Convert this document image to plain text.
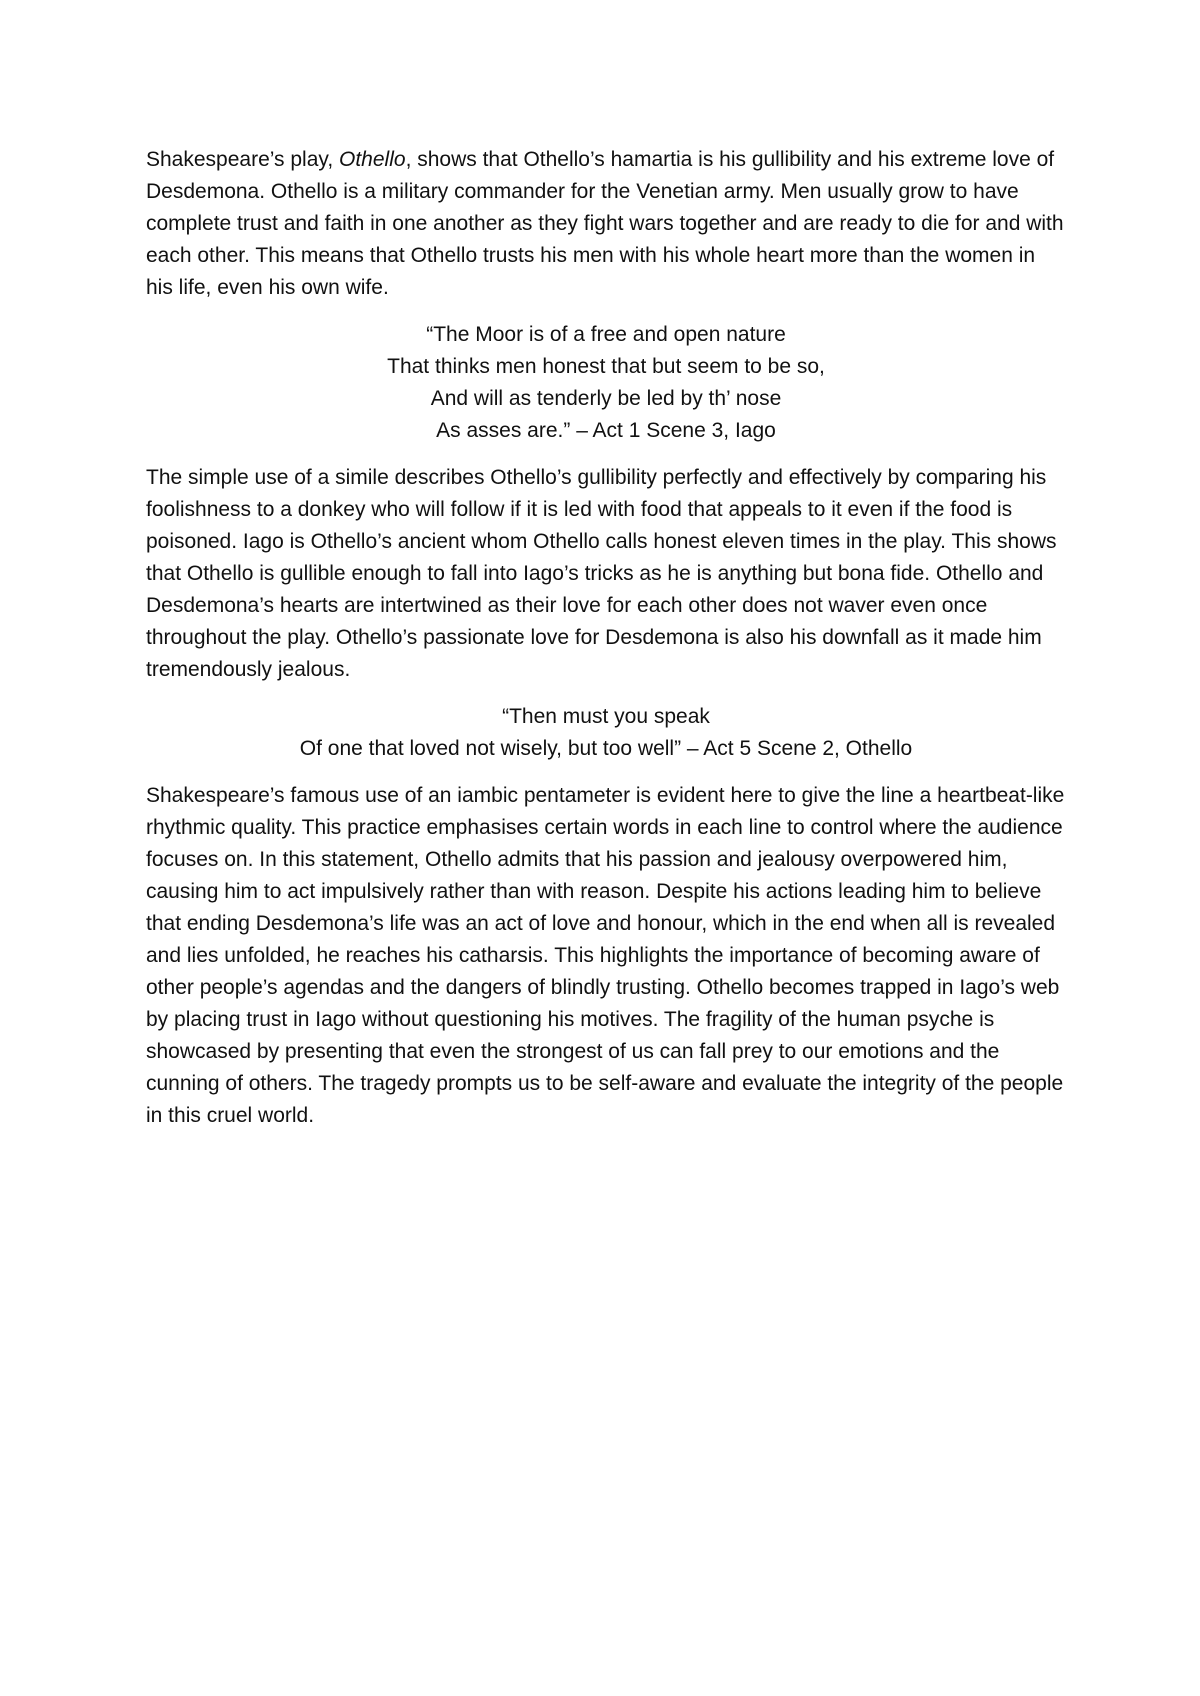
Shakespeare’s play, Othello, shows that Othello’s hamartia is his gullibility and his extreme love of Desdemona. Othello is a military commander for the Venetian army. Men usually grow to have complete trust and faith in one another as they fight wars together and are ready to die for and with each other. This means that Othello trusts his men with his whole heart more than the women in his life, even his own wife.

“The Moor is of a free and open nature
That thinks men honest that but seem to be so,
And will as tenderly be led by th’ nose
As asses are.” – Act 1 Scene 3, Iago

The simple use of a simile describes Othello’s gullibility perfectly and effectively by comparing his foolishness to a donkey who will follow if it is led with food that appeals to it even if the food is poisoned. Iago is Othello’s ancient whom Othello calls honest eleven times in the play. This shows that Othello is gullible enough to fall into Iago’s tricks as he is anything but bona fide. Othello and Desdemona’s hearts are intertwined as their love for each other does not waver even once throughout the play. Othello’s passionate love for Desdemona is also his downfall as it made him tremendously jealous.

“Then must you speak
Of one that loved not wisely, but too well” – Act 5 Scene 2, Othello

Shakespeare’s famous use of an iambic pentameter is evident here to give the line a heartbeat-like rhythmic quality. This practice emphasises certain words in each line to control where the audience focuses on. In this statement, Othello admits that his passion and jealousy overpowered him, causing him to act impulsively rather than with reason. Despite his actions leading him to believe that ending Desdemona’s life was an act of love and honour, which in the end when all is revealed and lies unfolded, he reaches his catharsis. This highlights the importance of becoming aware of other people’s agendas and the dangers of blindly trusting. Othello becomes trapped in Iago’s web by placing trust in Iago without questioning his motives. The fragility of the human psyche is showcased by presenting that even the strongest of us can fall prey to our emotions and the cunning of others. The tragedy prompts us to be self-aware and evaluate the integrity of the people in this cruel world.
